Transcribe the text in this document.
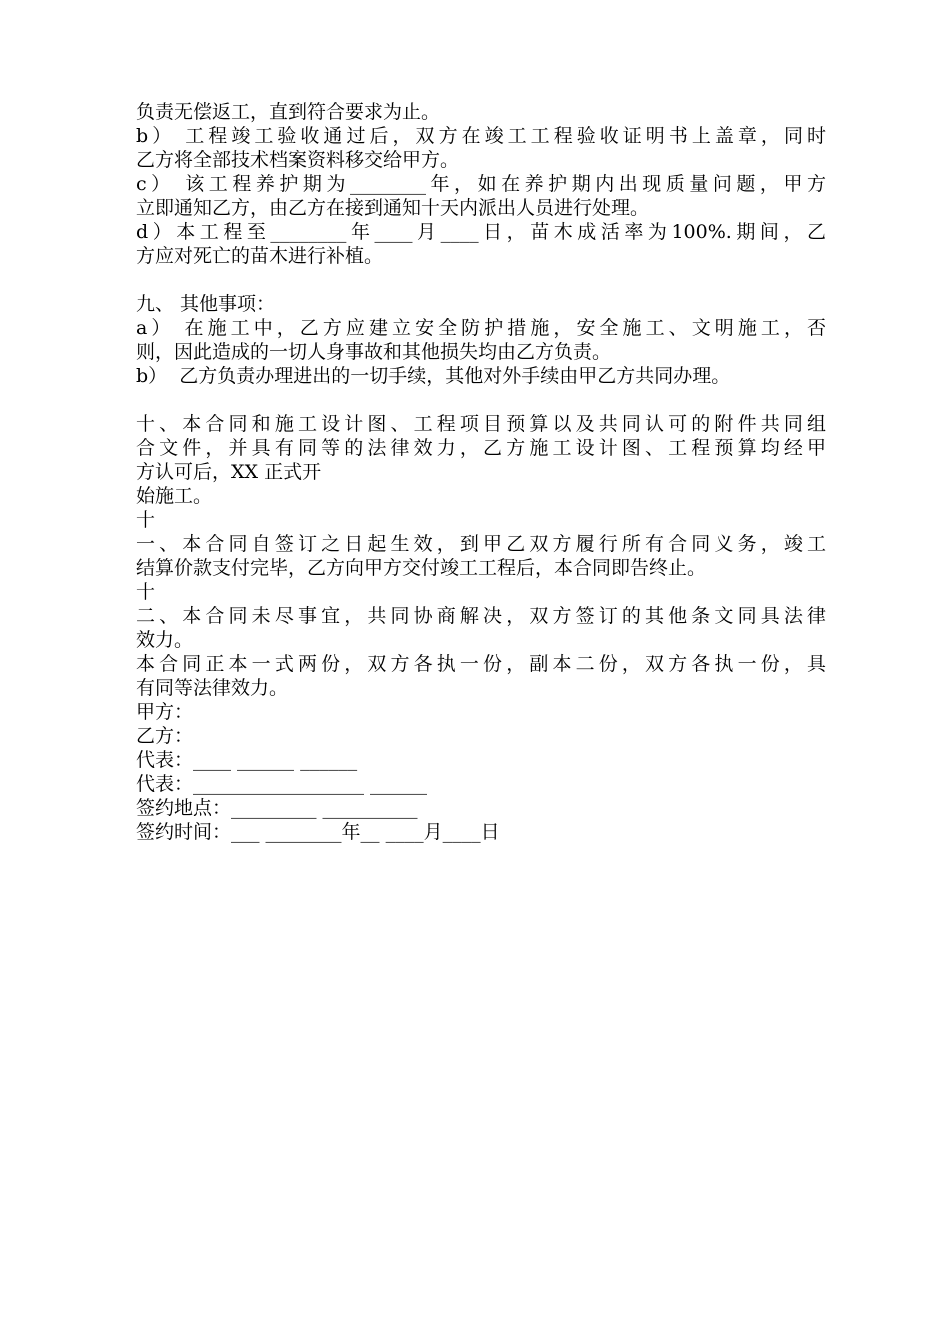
负责无偿返工，直到符合要求为止。
b） 工程竣工验收通过后，双方在竣工工程验收证明书上盖章，同时
乙方将全部技术档案资料移交给甲方。
c） 该工程养护期为________年，如在养护期内出现质量问题，甲方
立即通知乙方，由乙方在接到通知十天内派出人员进行处理。
d）本工程至________年____月____日，苗木成活率为100%.期间，乙
方应对死亡的苗木进行补植。
九、 其他事项：
a） 在施工中，乙方应建立安全防护措施，安全施工、文明施工，否
则，因此造成的一切人身事故和其他损失均由乙方负责。
b）  乙方负责办理进出的一切手续，其他对外手续由甲乙方共同办理。
十、本合同和施工设计图、工程项目预算以及共同认可的附件共同组
合文件，并具有同等的法律效力，乙方施工设计图、工程预算均经甲
方认可后，XX 正式开
始施工。
十
一、本合同自签订之日起生效，到甲乙双方履行所有合同义务，竣工
结算价款支付完毕，乙方向甲方交付竣工工程后，本合同即告终止。
十
二、本合同未尽事宜，共同协商解决，双方签订的其他条文同具法律
效力。
本合同正本一式两份，双方各执一份，副本二份，双方各执一份，具
有同等法律效力。
甲方：
乙方：
代表：____ ______ ______
代表：__________________ ______
签约地点：_________ __________
签约时间：___ ________年__ ____月____日
